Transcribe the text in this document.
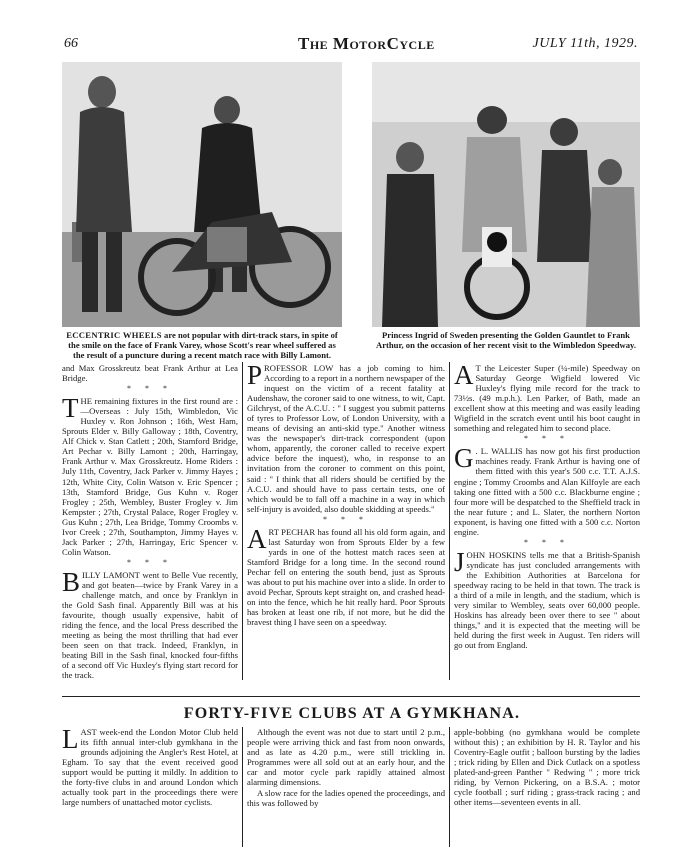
66	The MotorCycle	JULY 11th, 1929.
ECCENTRIC WHEELS are not popular with dirt-track stars, in spite of the smile on the face of Frank Varey, whose Scott's rear wheel suffered as the result of a puncture during a recent match race with Billy Lamont.
Princess Ingrid of Sweden presenting the Golden Gauntlet to Frank Arthur, on the occasion of her recent visit to the Wimbledon Speedway.

and Max Grosskreutz beat Frank Arthur at Lea Bridge.

* * *

THE remaining fixtures in the first round are :—Overseas : July 15th, Wimbledon, Vic Huxley v. Ron Johnson ; 16th, West Ham, Sprouts Elder v. Billy Galloway ; 18th, Coventry, Alf Chick v. Stan Catlett ; 20th, Stamford Bridge, Art Pechar v. Billy Lamont ; 20th, Harringay, Frank Arthur v. Max Grosskreutz. Home Riders : July 11th, Coventry, Jack Parker v. Jimmy Hayes ; 12th, White City, Colin Watson v. Eric Spencer ; 13th, Stamford Bridge, Gus Kuhn v. Roger Frogley ; 25th, Wembley, Buster Frogley v. Jim Kempster ; 27th, Crystal Palace, Roger Frogley v. Gus Kuhn ; 27th, Lea Bridge, Tommy Croombs v. Ivor Creek ; 27th, Southampton, Jimmy Hayes v. Jack Parker ; 27th, Harringay, Eric Spencer v. Colin Watson.

* * *

BILLY LAMONT went to Belle Vue recently, and got beaten—twice by Frank Varey in a challenge match, and once by Franklyn in the Gold Sash final. Apparently Bill was at his favourite, though usually expensive, habit of riding the fence, and the local Press described the meeting as being the most thrilling that had ever been seen on that track. Indeed, Franklyn, in beating Bill in the Sash final, knocked four-fifths of a second off Vic Huxley's flying start record for the track.

PROFESSOR LOW has a job coming to him. According to a report in a northern newspaper of the inquest on the victim of a recent fatality at Audenshaw, the coroner said to one witness, to wit, Capt. Gilchryst, of the A.C.U. : " I suggest you submit patterns of tyres to Professor Low, of London University, with a means of devising an anti-skid type." Another witness was the newspaper's dirt-track correspondent (upon whom, apparently, the coroner called to receive expert advice before the inquest), who, in response to an invitation from the coroner to comment on this point, said : " I think that all riders should be certified by the A.C.U. and should have to pass certain tests, one of which would be to fall off a machine in a way in which self-injury is avoided, also double skidding at speeds."

* * *

ART PECHAR has found all his old form again, and last Saturday won from Sprouts Elder by a few yards in one of the hottest match races seen at Stamford Bridge for a long time. In the second round Pechar fell on entering the south bend, just as Sprouts was about to put his machine over into a slide. In order to avoid Pechar, Sprouts kept straight on, and crashed head-on into the fence, which he hit really hard. Poor Sprouts has broken at least one rib, if not more, but he did the bravest thing I have seen on a speedway.

A T the Leicester Super (¼-mile) Speedway on Saturday George Wigfield lowered Vic Huxley's flying mile record for the track to 73½s. (49 m.p.h.). Len Parker, of Bath, made an excellent show at this meeting and was easily leading Wigfield in the scratch event until his boot caught in something and relegated him to second place.

* * *

G . L. WALLIS has now got his first production machines ready. Frank Arthur is having one of them fitted with this year's 500 c.c. T.T. A.J.S. engine ; Tommy Croombs and Alan Kilfoyle are each taking one fitted with a 500 c.c. Blackburne engine ; four more will be despatched to the Sheffield track in the near future ; and L. Slater, the northern Norton exponent, is having one fitted with a 500 c.c. Norton engine.

* * *

JOHN HOSKINS tells me that a British-Spanish syndicate has just concluded arrangements with the Exhibition Authorities at Barcelona for speedway racing to be held in that town. The track is a third of a mile in length, and the stadium, which is very similar to Wembley, seats over 60,000 people. Hoskins has already been over there to see " about things," and it is expected that the meeting will be held during the first week in August. Ten riders will go out from England.

FORTY-FIVE CLUBS AT A GYMKHANA.

LAST week-end the London Motor Club held its fifth annual inter-club gymkhana in the grounds adjoining the Angler's Rest Hotel, at Egham. To say that the event received good support would be putting it mildly. In addition to the forty-five clubs in and around London which actually took part in the proceedings there were large numbers of unattached motor cyclists.

Although the event was not due to start until 2 p.m., people were arriving thick and fast from noon onwards, and as late as 4.20 p.m., were still trickling in. Programmes were all sold out at an early hour, and the car and motor cycle park rapidly attained almost alarming dimensions.

A slow race for the ladies opened the proceedings, and this was followed by

apple-bobbing (no gymkhana would be complete without this) ; an exhibition by H. R. Taylor and his Coventry-Eagle outfit ; balloon bursting by the ladies ; trick riding by Ellen and Dick Cutlack on a spotless plated-and-green Panther " Redwing " ; more trick riding, by Vernon Pickering, on a B.S.A. ; motor cycle football ; surf riding ; grass-track racing ; and other items—seventeen events in all.
